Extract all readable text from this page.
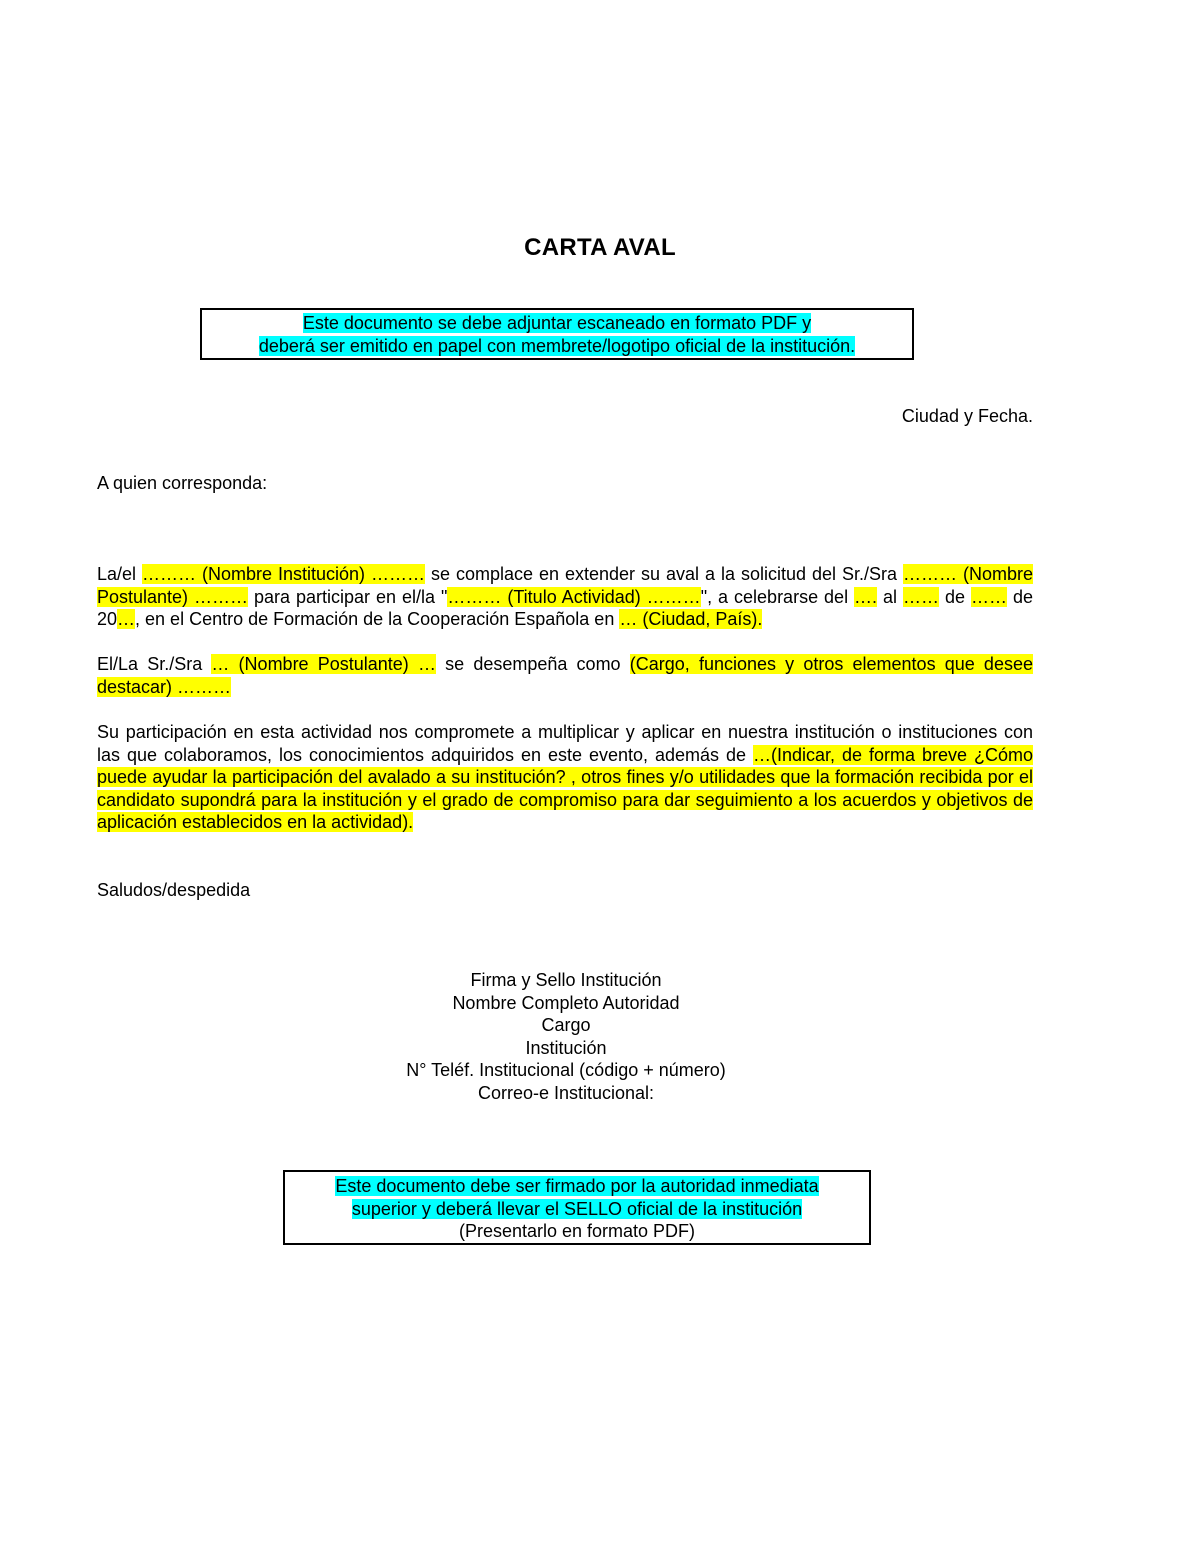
CARTA AVAL
Este documento se debe adjuntar escaneado en formato PDF y
deberá ser emitido en papel con membrete/logotipo oficial de la institución.
Ciudad y Fecha.

A quien corresponda:

La/el ……… (Nombre Institución) ……… se complace en extender su aval a la solicitud del Sr./Sra ……… (Nombre Postulante) ……… para participar en el/la "……… (Titulo Actividad) ………", a celebrarse del …. al …… de …… de 20…, en el Centro de Formación de la Cooperación Española en … (Ciudad, País).

El/La Sr./Sra … (Nombre Postulante) … se desempeña como (Cargo, funciones y otros elementos que desee destacar) ………

Su participación en esta actividad nos compromete a multiplicar y aplicar en nuestra institución o instituciones con las que colaboramos, los conocimientos adquiridos en este evento, además de …(Indicar, de forma breve ¿Cómo puede ayudar la participación del avalado a su institución? , otros fines y/o utilidades que la formación recibida por el candidato supondrá para la institución y el grado de compromiso para dar seguimiento a los acuerdos y objetivos de aplicación establecidos en la actividad).

Saludos/despedida

Firma y Sello Institución
Nombre Completo Autoridad
Cargo
Institución
N° Teléf. Institucional (código + número)
Correo-e Institucional:
Este documento debe ser firmado por la autoridad inmediata
superior y deberá llevar el SELLO oficial de la institución
(Presentarlo en formato PDF)
